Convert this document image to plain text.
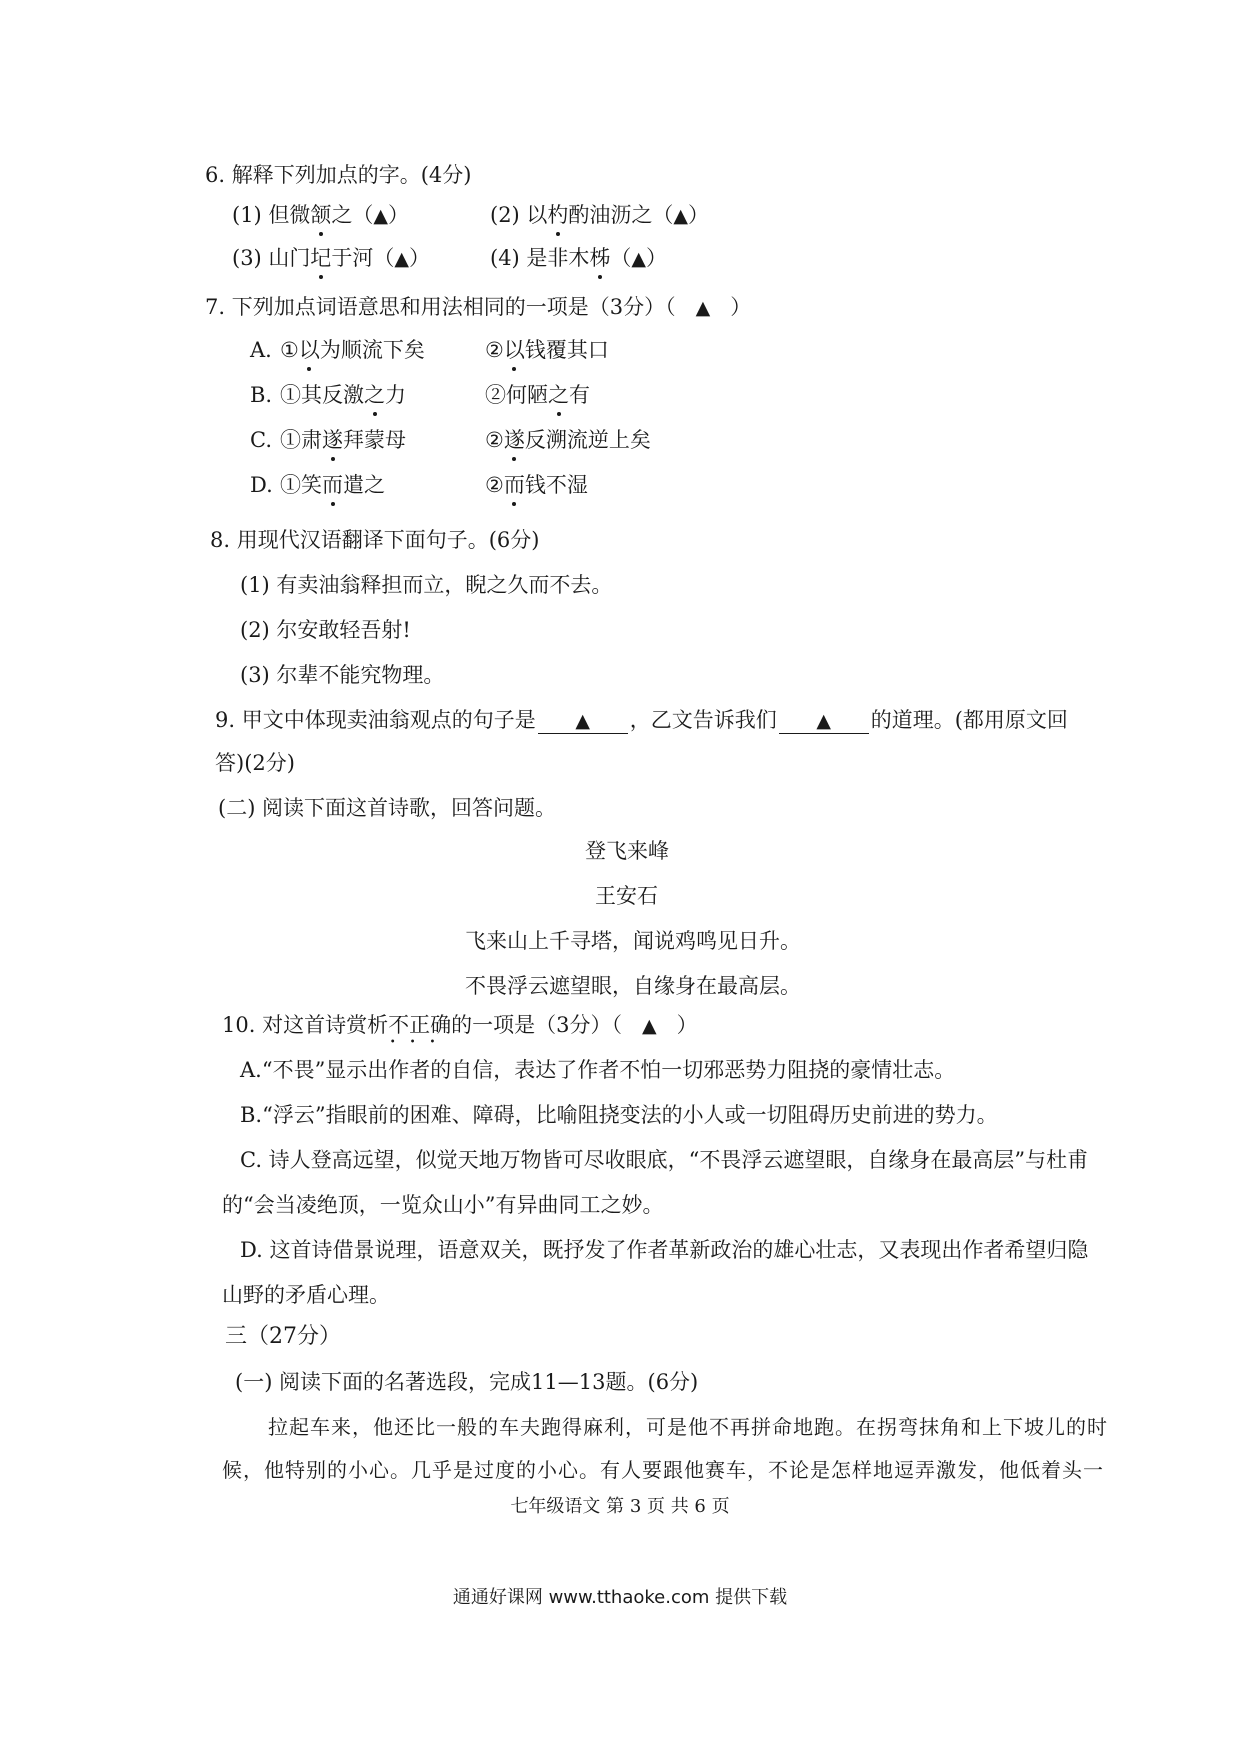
6. 解释下列加点的字。(4分)
(1) 但微颔之（▲）	(2) 以杓酌油沥之（▲）
(3) 山门圮于河（▲）	(4) 是非木柹（▲）
7. 下列加点词语意思和用法相同的一项是（3分）（ ▲ ）
A. ①以为顺流下矣	②以钱覆其口
B. ①其反激之力	②何陋之有
C. ①肃遂拜蒙母	②遂反溯流逆上矣
D. ①笑而遣之	②而钱不湿
8. 用现代汉语翻译下面句子。(6分)
(1) 有卖油翁释担而立，睨之久而不去。
(2) 尔安敢轻吾射!
(3) 尔辈不能究物理。
9. 甲文中体现卖油翁观点的句子是 ▲ ，乙文告诉我们 ▲ 的道理。(都用原文回
答)(2分)
(二) 阅读下面这首诗歌，回答问题。
登飞来峰
王安石
飞来山上千寻塔，闻说鸡鸣见日升。
不畏浮云遮望眼，自缘身在最高层。
10. 对这首诗赏析不正确
•••
的一项是（3分）（ ▲ ）
A.“不畏”显示出作者的自信，表达了作者不怕一切邪恶势力阻挠的豪情壮志。
B.“浮云”指眼前的困难、障碍，比喻阻挠变法的小人或一切阻碍历史前进的势力。
C. 诗人登高远望，似觉天地万物皆可尽收眼底，“不畏浮云遮望眼，自缘身在最高层”与杜甫
的“会当凌绝顶，一览众山小”有异曲同工之妙。
D. 这首诗借景说理，语意双关，既抒发了作者革新政治的雄心壮志，又表现出作者希望归隐
山野的矛盾心理。
三（27分）
(一) 阅读下面的名著选段，完成11—13题。(6分)
拉起车来，他还比一般的车夫跑得麻利，可是他不再拼命地跑。在拐弯抹角和上下坡儿的时
候，他特别的小心。几乎是过度的小心。有人要跟他赛车，不论是怎样地逗弄激发，他低着头一
七年级语文 第 3 页 共 6 页
通通好课网 www.tthaoke.com 提供下载
